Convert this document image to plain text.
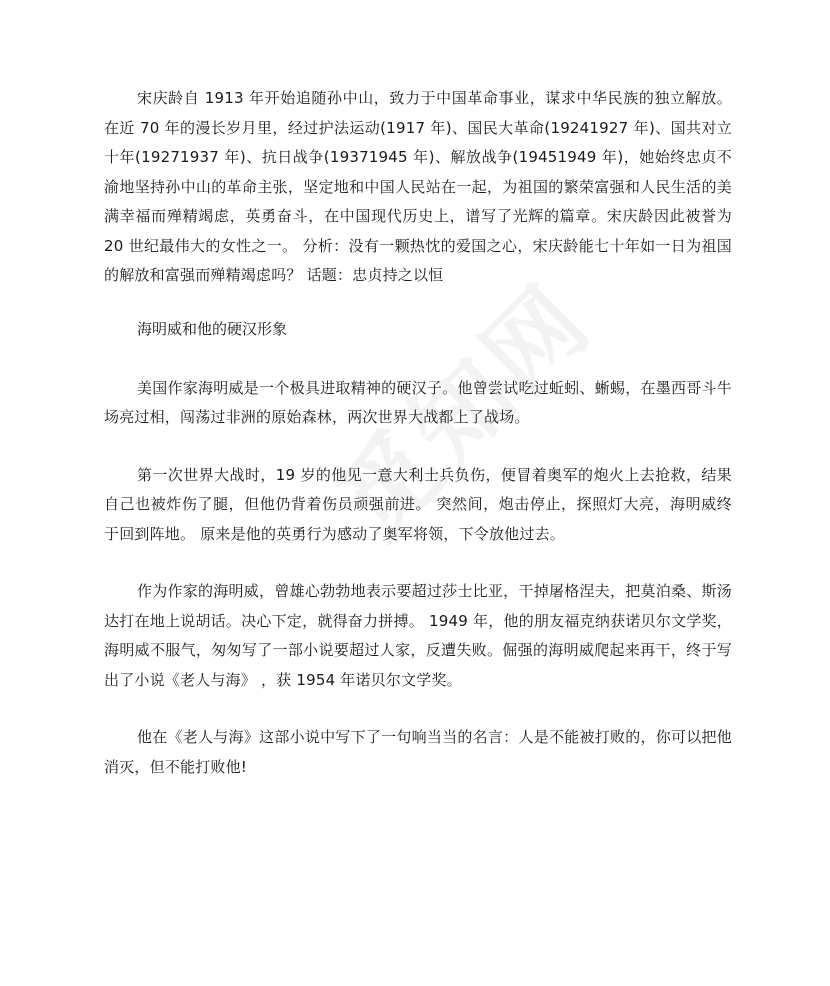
宋庆龄自 1913 年开始追随孙中山，致力于中国革命事业，谋求中华民族的独立解放。在近 70 年的漫长岁月里，经过护法运动(1917 年)、国民大革命(19241927 年)、国共对立十年(19271937 年)、抗日战争(19371945 年)、解放战争(19451949 年)，她始终忠贞不渝地坚持孙中山的革命主张，坚定地和中国人民站在一起，为祖国的繁荣富强和人民生活的美满幸福而殚精竭虑，英勇奋斗，在中国现代历史上，谱写了光辉的篇章。宋庆龄因此被誉为 20 世纪最伟大的女性之一。 分析：没有一颗热忱的爱国之心，宋庆龄能七十年如一日为祖国的解放和富强而殚精竭虑吗？ 话题：忠贞持之以恒

海明威和他的硬汉形象

美国作家海明威是一个极具进取精神的硬汉子。他曾尝试吃过蚯蚓、蜥蜴，在墨西哥斗牛场亮过相，闯荡过非洲的原始森林，两次世界大战都上了战场。

第一次世界大战时，19 岁的他见一意大利士兵负伤，便冒着奥军的炮火上去抢救，结果自己也被炸伤了腿，但他仍背着伤员顽强前进。 突然间，炮击停止，探照灯大亮，海明威终于回到阵地。 原来是他的英勇行为感动了奥军将领，下令放他过去。

作为作家的海明威，曾雄心勃勃地表示要超过莎士比亚，干掉屠格涅夫，把莫泊桑、斯汤达打在地上说胡话。决心下定，就得奋力拼搏。 1949 年，他的朋友福克纳获诺贝尔文学奖，海明威不服气，匆匆写了一部小说要超过人家，反遭失败。倔强的海明威爬起来再干，终于写出了小说《老人与海》 ，获 1954 年诺贝尔文学奖。

他在《老人与海》这部小说中写下了一句响当当的名言：人是不能被打败的，你可以把他消灭，但不能打败他!
